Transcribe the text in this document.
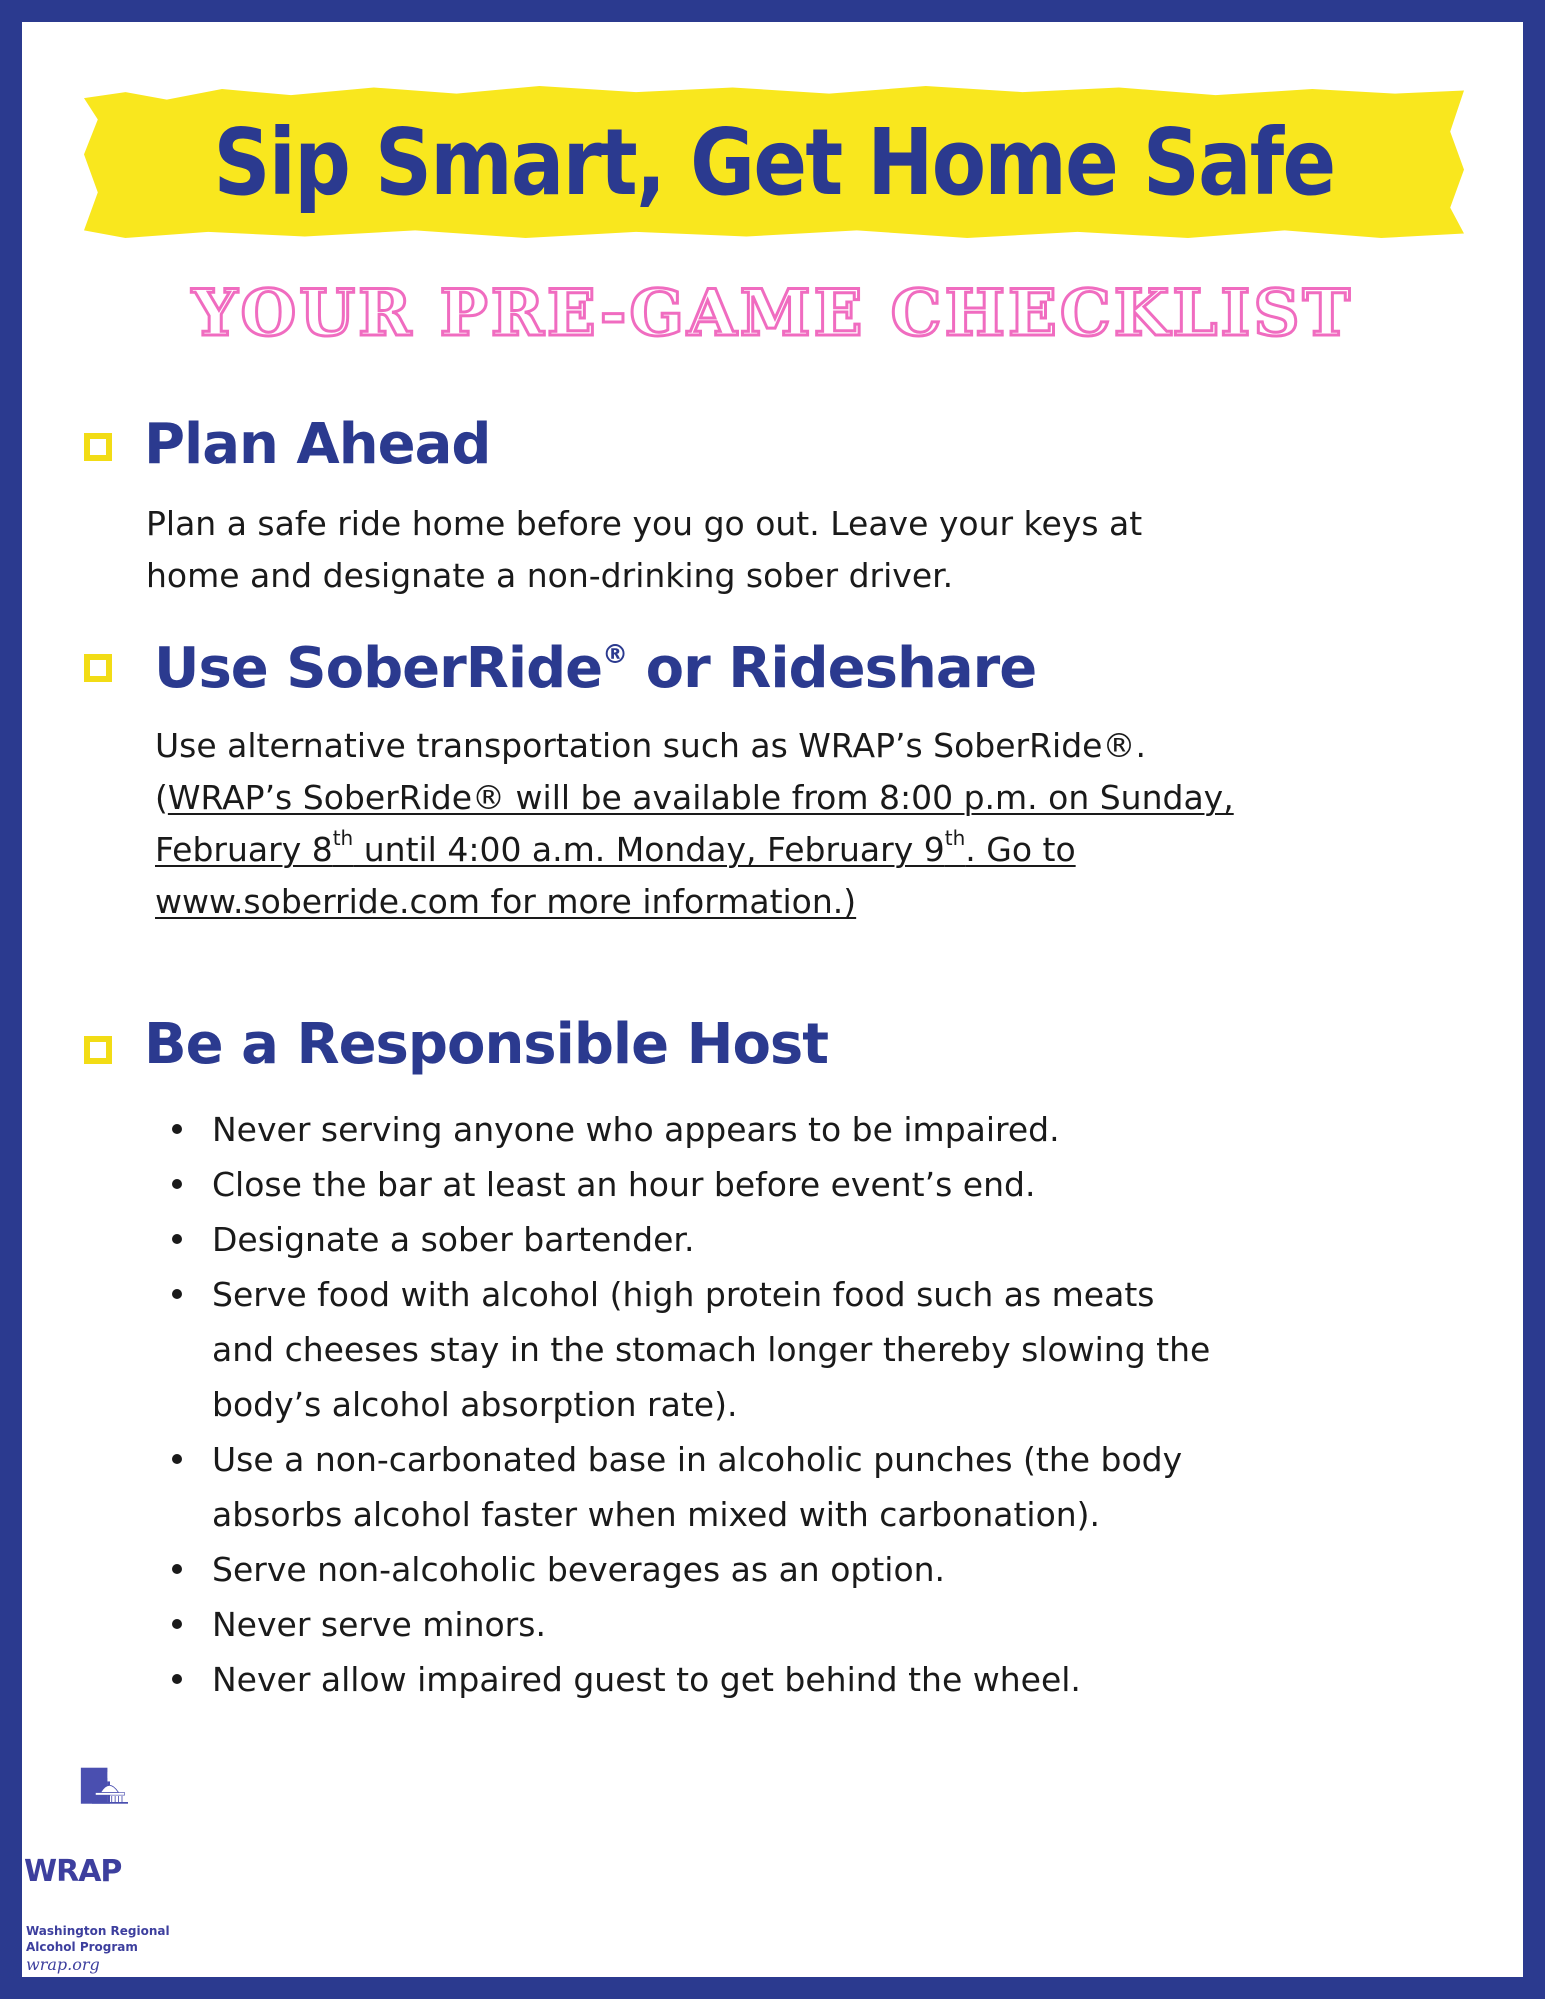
Sip Smart, Get Home Safe
YOUR PRE-GAME CHECKLIST
Plan Ahead

Plan a safe ride home before you go out. Leave your keys at
home and designate a non-drinking sober driver.

Use SoberRide® or Rideshare

Use alternative transportation such as WRAP’s SoberRide®.
(WRAP’s SoberRide® will be available from 8:00 p.m. on Sunday,
February 8th until 4:00 a.m. Monday, February 9th. Go to
www.soberride.com for more information.)

Be a Responsible Host
Never serving anyone who appears to be impaired.
Close the bar at least an hour before event’s end.
Designate a sober bartender.
Serve food with alcohol (high protein food such as meats
and cheeses stay in the stomach longer thereby slowing the
body’s alcohol absorption rate).
Use a non-carbonated base in alcoholic punches (the body
absorbs alcohol faster when mixed with carbonation).
Serve non-alcoholic beverages as an option.
Never serve minors.
Never allow impaired guest to get behind the wheel.
WRAP
Washington Regional
Alcohol Program
wrap.org
